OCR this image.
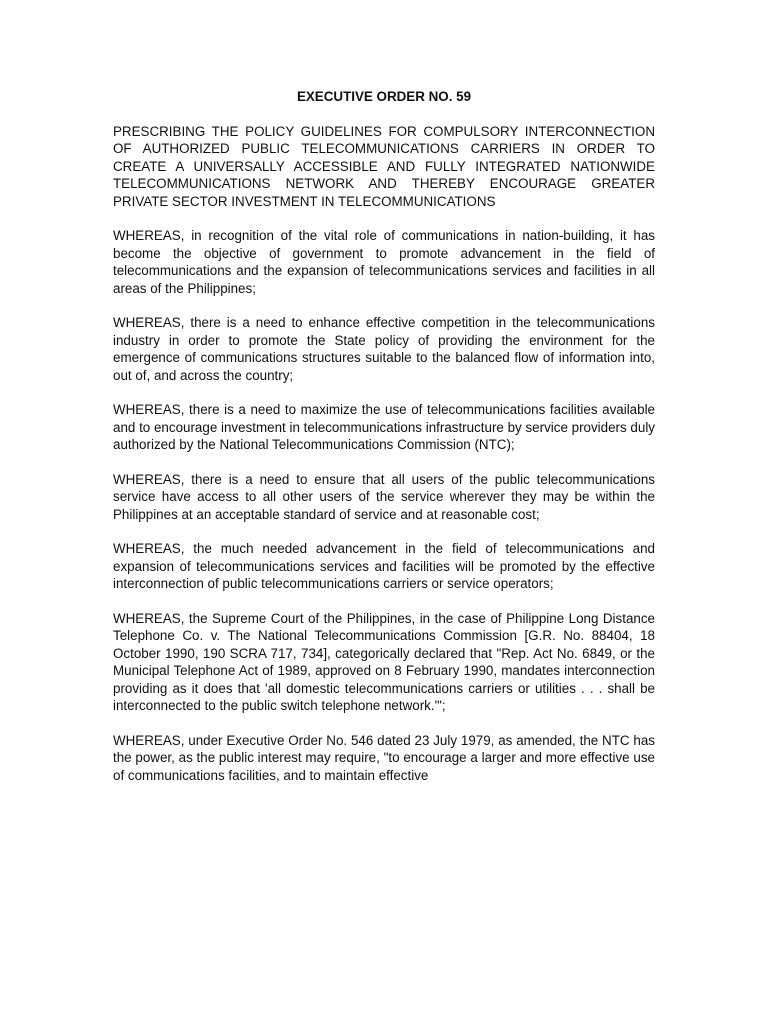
EXECUTIVE ORDER NO. 59
PRESCRIBING THE POLICY GUIDELINES FOR COMPULSORY INTERCONNECTION OF AUTHORIZED PUBLIC TELECOMMUNICATIONS CARRIERS IN ORDER TO CREATE A UNIVERSALLY ACCESSIBLE AND FULLY INTEGRATED NATIONWIDE TELECOMMUNICATIONS NETWORK AND THEREBY ENCOURAGE GREATER PRIVATE SECTOR INVESTMENT IN TELECOMMUNICATIONS
WHEREAS, in recognition of the vital role of communications in nation-building, it has become the objective of government to promote advancement in the field of telecommunications and the expansion of telecommunications services and facilities in all areas of the Philippines;
WHEREAS, there is a need to enhance effective competition in the telecommunications industry in order to promote the State policy of providing the environment for the emergence of communications structures suitable to the balanced flow of information into, out of, and across the country;
WHEREAS, there is a need to maximize the use of telecommunications facilities available and to encourage investment in telecommunications infrastructure by service providers duly authorized by the National Telecommunications Commission (NTC);
WHEREAS, there is a need to ensure that all users of the public telecommunications service have access to all other users of the service wherever they may be within the Philippines at an acceptable standard of service and at reasonable cost;
WHEREAS, the much needed advancement in the field of telecommunications and expansion of telecommunications services and facilities will be promoted by the effective interconnection of public telecommunications carriers or service operators;
WHEREAS, the Supreme Court of the Philippines, in the case of Philippine Long Distance Telephone Co. v. The National Telecommunications Commission [G.R. No. 88404, 18 October 1990, 190 SCRA 717, 734], categorically declared that "Rep. Act No. 6849, or the Municipal Telephone Act of 1989, approved on 8 February 1990, mandates interconnection providing as it does that 'all domestic telecommunications carriers or utilities . . . shall be interconnected to the public switch telephone network.'";
WHEREAS, under Executive Order No. 546 dated 23 July 1979, as amended, the NTC has the power, as the public interest may require, "to encourage a larger and more effective use of communications facilities, and to maintain effective
